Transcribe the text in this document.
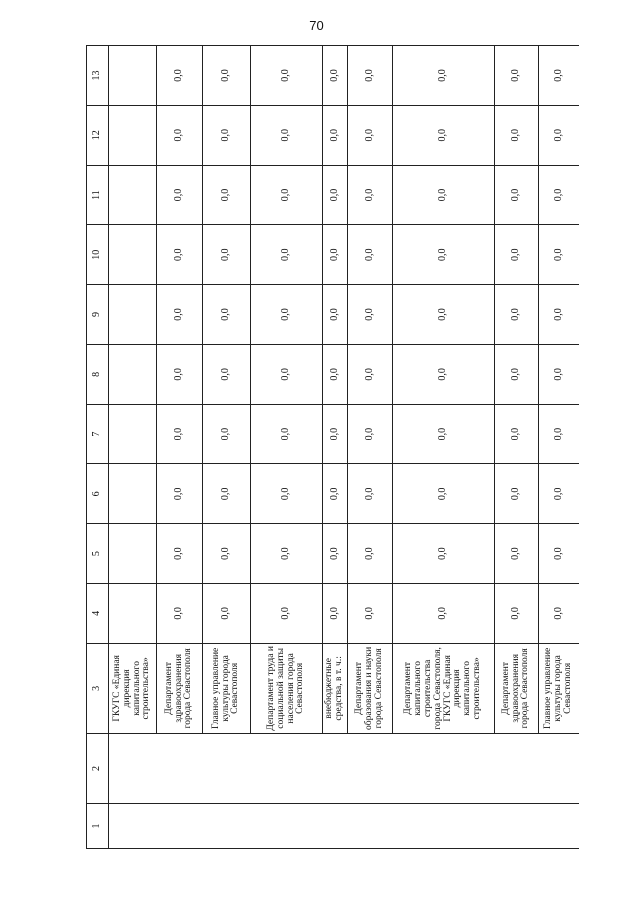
70
1	2	3	4	5	6	7	8	9	10	11	12	13
		ГКУГС «Единая дирекция капитального строительства»										
		Департамент здравоохранения города Севастополя	0,0	0,0	0,0	0,0	0,0	0,0	0,0	0,0	0,0	0,0
		Главное управление культуры города Севастополя	0,0	0,0	0,0	0,0	0,0	0,0	0,0	0,0	0,0	0,0
		Департамент труда и социальной защиты населения города Севастополя	0,0	0,0	0,0	0,0	0,0	0,0	0,0	0,0	0,0	0,0
		внебюджетные средства, в т. ч.:	0,0	0,0	0,0	0,0	0,0	0,0	0,0	0,0	0,0	0,0
		Департамент образования и науки города Севастополя	0,0	0,0	0,0	0,0	0,0	0,0	0,0	0,0	0,0	0,0
		Департамент капитального строительства города Севастополя, ГКУГС «Единая дирекция капитального строительства»	0,0	0,0	0,0	0,0	0,0	0,0	0,0	0,0	0,0	0,0
		Департамент здравоохранения города Севастополя	0,0	0,0	0,0	0,0	0,0	0,0	0,0	0,0	0,0	0,0
		Главное управление культуры города Севастополя	0,0	0,0	0,0	0,0	0,0	0,0	0,0	0,0	0,0	0,0
